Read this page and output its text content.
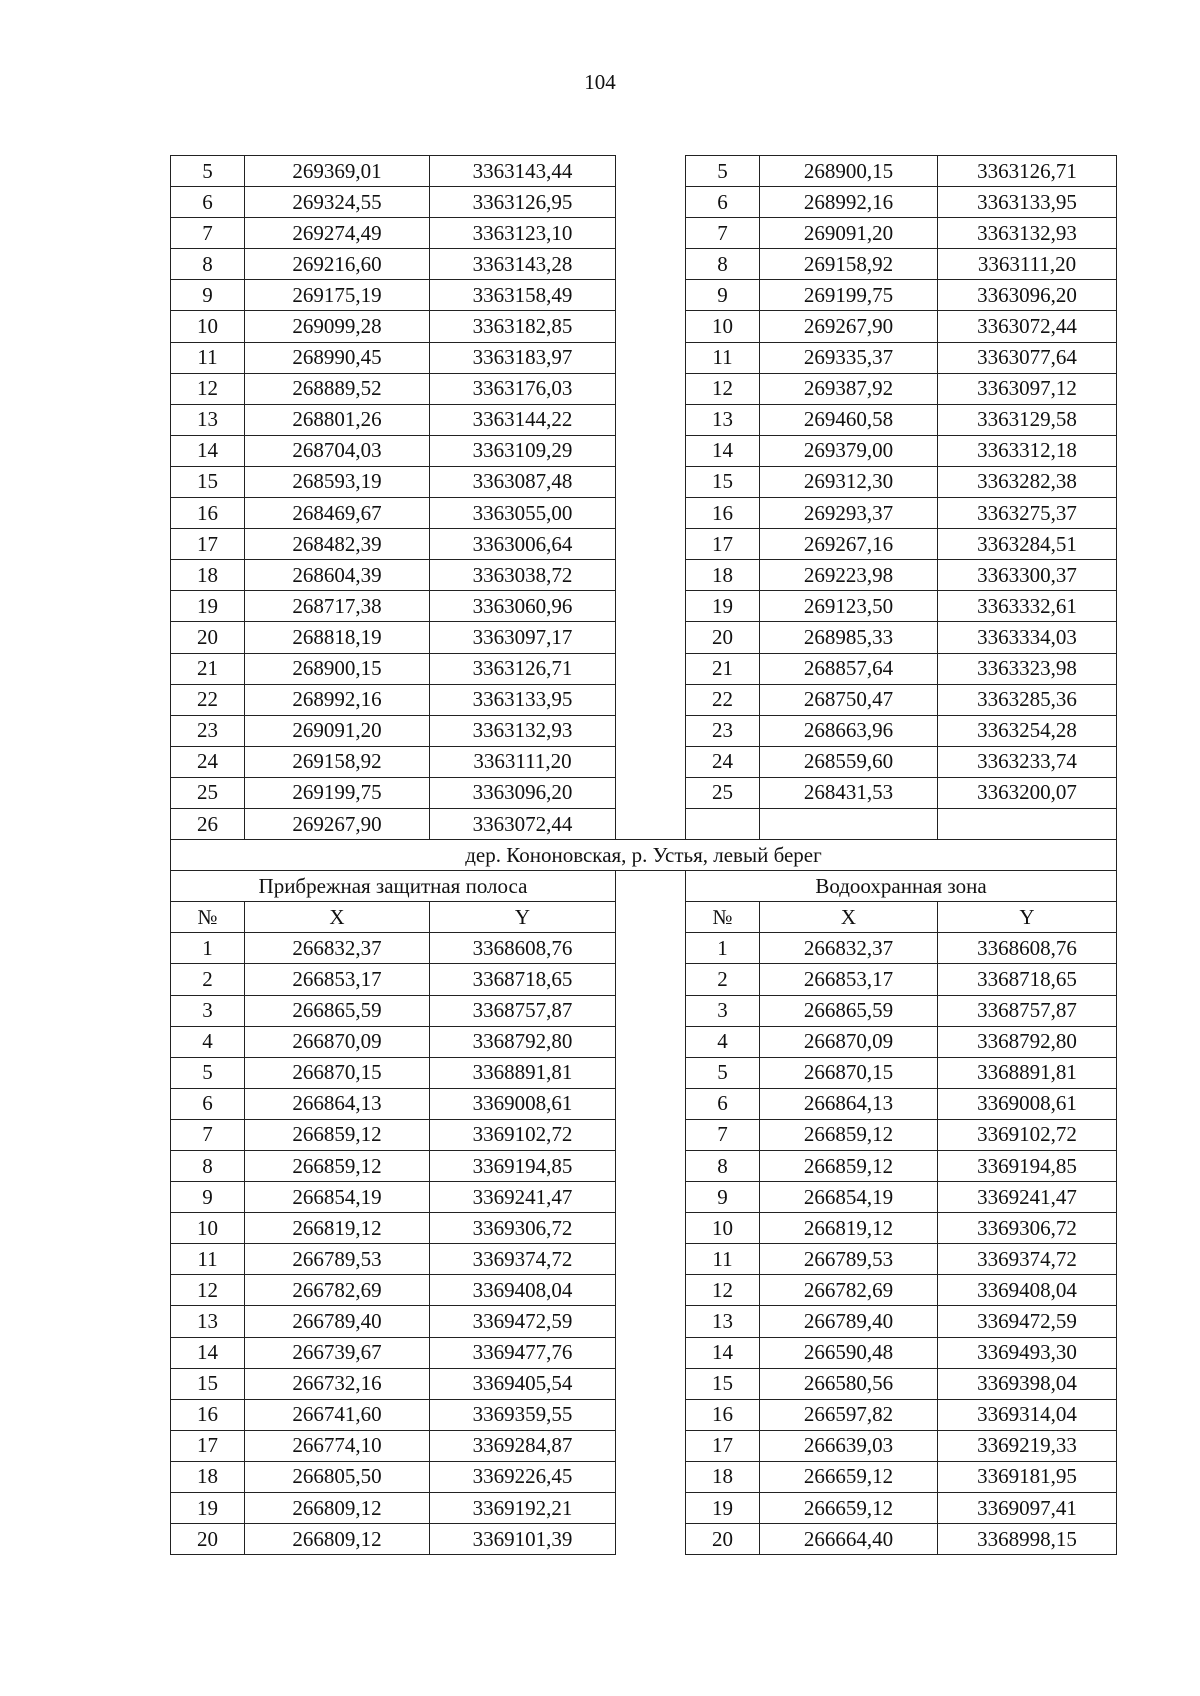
104
5	269369,01	3363143,44		5	268900,15	3363126,71
6	269324,55	3363126,95		6	268992,16	3363133,95
7	269274,49	3363123,10		7	269091,20	3363132,93
8	269216,60	3363143,28		8	269158,92	3363111,20
9	269175,19	3363158,49		9	269199,75	3363096,20
10	269099,28	3363182,85		10	269267,90	3363072,44
11	268990,45	3363183,97		11	269335,37	3363077,64
12	268889,52	3363176,03		12	269387,92	3363097,12
13	268801,26	3363144,22		13	269460,58	3363129,58
14	268704,03	3363109,29		14	269379,00	3363312,18
15	268593,19	3363087,48		15	269312,30	3363282,38
16	268469,67	3363055,00		16	269293,37	3363275,37
17	268482,39	3363006,64		17	269267,16	3363284,51
18	268604,39	3363038,72		18	269223,98	3363300,37
19	268717,38	3363060,96		19	269123,50	3363332,61
20	268818,19	3363097,17		20	268985,33	3363334,03
21	268900,15	3363126,71		21	268857,64	3363323,98
22	268992,16	3363133,95		22	268750,47	3363285,36
23	269091,20	3363132,93		23	268663,96	3363254,28
24	269158,92	3363111,20		24	268559,60	3363233,74
25	269199,75	3363096,20		25	268431,53	3363200,07
26	269267,90	3363072,44				
дер. Кононовская, р. Устья, левый берег						
Прибрежная защитная полоса				Водоохранная зона		
№	X	Y		№	X	Y
1	266832,37	3368608,76		1	266832,37	3368608,76
2	266853,17	3368718,65		2	266853,17	3368718,65
3	266865,59	3368757,87		3	266865,59	3368757,87
4	266870,09	3368792,80		4	266870,09	3368792,80
5	266870,15	3368891,81		5	266870,15	3368891,81
6	266864,13	3369008,61		6	266864,13	3369008,61
7	266859,12	3369102,72		7	266859,12	3369102,72
8	266859,12	3369194,85		8	266859,12	3369194,85
9	266854,19	3369241,47		9	266854,19	3369241,47
10	266819,12	3369306,72		10	266819,12	3369306,72
11	266789,53	3369374,72		11	266789,53	3369374,72
12	266782,69	3369408,04		12	266782,69	3369408,04
13	266789,40	3369472,59		13	266789,40	3369472,59
14	266739,67	3369477,76		14	266590,48	3369493,30
15	266732,16	3369405,54		15	266580,56	3369398,04
16	266741,60	3369359,55		16	266597,82	3369314,04
17	266774,10	3369284,87		17	266639,03	3369219,33
18	266805,50	3369226,45		18	266659,12	3369181,95
19	266809,12	3369192,21		19	266659,12	3369097,41
20	266809,12	3369101,39		20	266664,40	3368998,15
